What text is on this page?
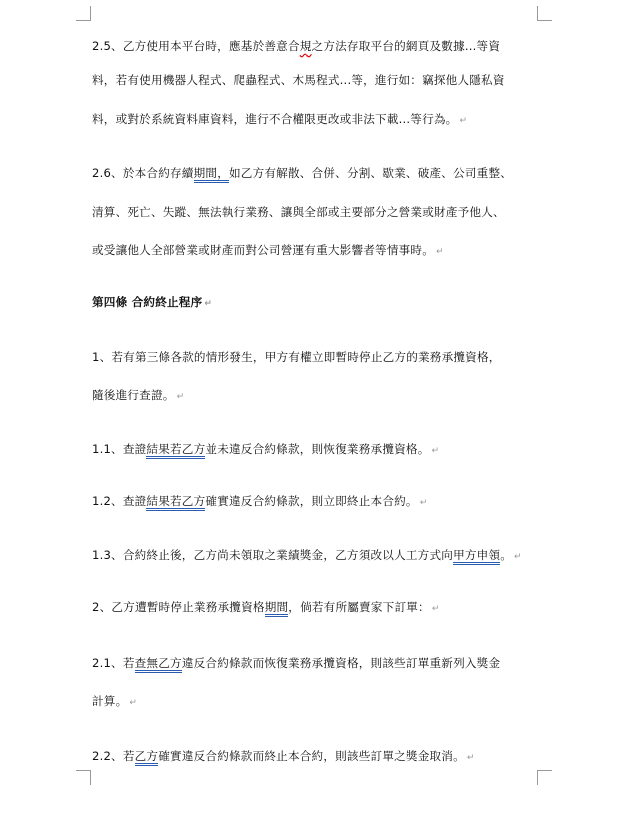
2.5、乙方使用本平台時，應基於善意合規之方法存取平台的網頁及數據...等資
料，若有使用機器人程式、爬蟲程式、木馬程式...等，進行如：竊探他人隱私資
料，或對於系統資料庫資料，進行不合權限更改或非法下載...等行為。 ↵
2.6、於本合約存續期間，如乙方有解散、合併、分割、歇業、破產、公司重整、
清算、死亡、失蹤、無法執行業務、讓與全部或主要部分之營業或財產予他人、
或受讓他人全部營業或財產而對公司營運有重大影響者等情事時。 ↵
第四條 合約終止程序 ↵
1、若有第三條各款的情形發生，甲方有權立即暫時停止乙方的業務承攬資格，
隨後進行查證。 ↵
1.1、查證結果若乙方並未違反合約條款，則恢復業務承攬資格。 ↵
1.2、查證結果若乙方確實違反合約條款，則立即終止本合約。 ↵
1.3、合約終止後，乙方尚未領取之業績獎金，乙方須改以人工方式向甲方申領。 ↵
2、乙方遭暫時停止業務承攬資格期間，倘若有所屬賣家下訂單： ↵
2.1、若查無乙方違反合約條款而恢復業務承攬資格，則該些訂單重新列入獎金
計算。 ↵
2.2、若乙方確實違反合約條款而終止本合約，則該些訂單之獎金取消。 ↵
